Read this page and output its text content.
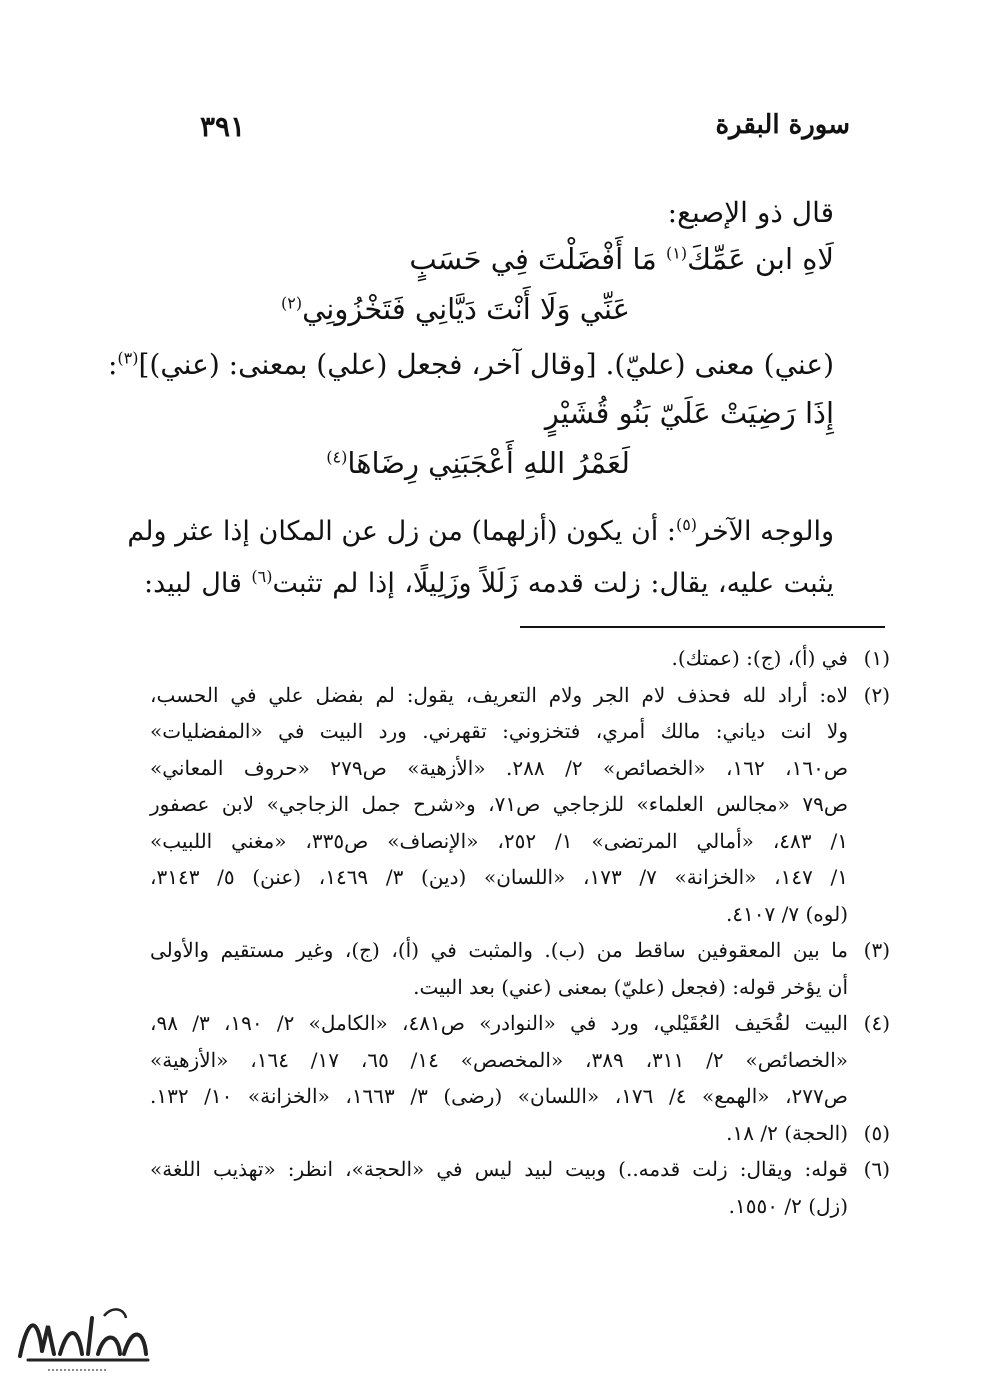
سورة البقرة
٣٩١
قال ذو الإصبع:
لَاهِ ابن عَمِّكَ$^{(١)}$ مَا أَفْضَلْتَ فِي حَسَبٍ
عَنِّي وَلَا أَنْتَ دَيَّانِي فَتَخْزُونِي$^{(٢)}$
(عني) معنى (عليّ). [وقال آخر، فجعل (علي) بمعنى: (عني)]$^{(٣)}$:
إِذَا رَضِيَتْ عَلَيّ بَنُو قُشَيْرٍ
لَعَمْرُ اللهِ أَعْجَبَنِي رِضَاهَا$^{(٤)}$
والوجه الآخر$^{(٥)}$: أن يكون (أزلهما) من زل عن المكان إذا عثر ولم
يثبت عليه، يقال: زلت قدمه زَلَلاً وزَلِيلًا، إذا لم تثبت$^{(٦)}$ قال لبيد:
(١)
في (أ)، (ج): (عمتك).
(٢)
لاه: أراد لله فحذف لام الجر ولام التعريف، يقول: لم بفضل علي في الحسب،
ولا انت دياني: مالك أمري، فتخزوني: تقهرني. ورد البيت في «المفضليات»
ص١٦٠، ١٦٢، «الخصائص» ٢/ ٢٨٨. «الأزهية» ص٢٧٩ «حروف المعاني»
ص٧٩ «مجالس العلماء» للزجاجي ص٧١، و«شرح جمل الزجاجي» لابن عصفور
١/ ٤٨٣، «أمالي المرتضى» ١/ ٢٥٢، «الإنصاف» ص٣٣٥، «مغني اللبيب»
١/ ١٤٧، «الخزانة» ٧/ ١٧٣، «اللسان» (دين) ٣/ ١٤٦٩، (عنن) ٥/ ٣١٤٣،
(لوه) ٧/ ٤١٠٧.
(٣)
ما بين المعقوفين ساقط من (ب). والمثبت في (أ)، (ج)، وغير مستقيم والأولى
أن يؤخر قوله: (فجعل (عليّ) بمعنى (عني) بعد البيت.
(٤)
البيت لقُحَيف العُقَيْلي، ورد في «النوادر» ص٤٨١، «الكامل» ٢/ ١٩٠، ٣/ ٩٨،
«الخصائص» ٢/ ٣١١، ٣٨٩، «المخصص» ١٤/ ٦٥، ١٧/ ١٦٤، «الأزهية»
ص٢٧٧، «الهمع» ٤/ ١٧٦، «اللسان» (رضى) ٣/ ١٦٦٣، «الخزانة» ١٠/ ١٣٢.
(٥)
(الحجة) ٢/ ١٨.
(٦)
قوله: ويقال: زلت قدمه..) وبيت لبيد ليس في «الحجة»، انظر: «تهذيب اللغة»
(زل) ٢/ ١٥٥٠.
